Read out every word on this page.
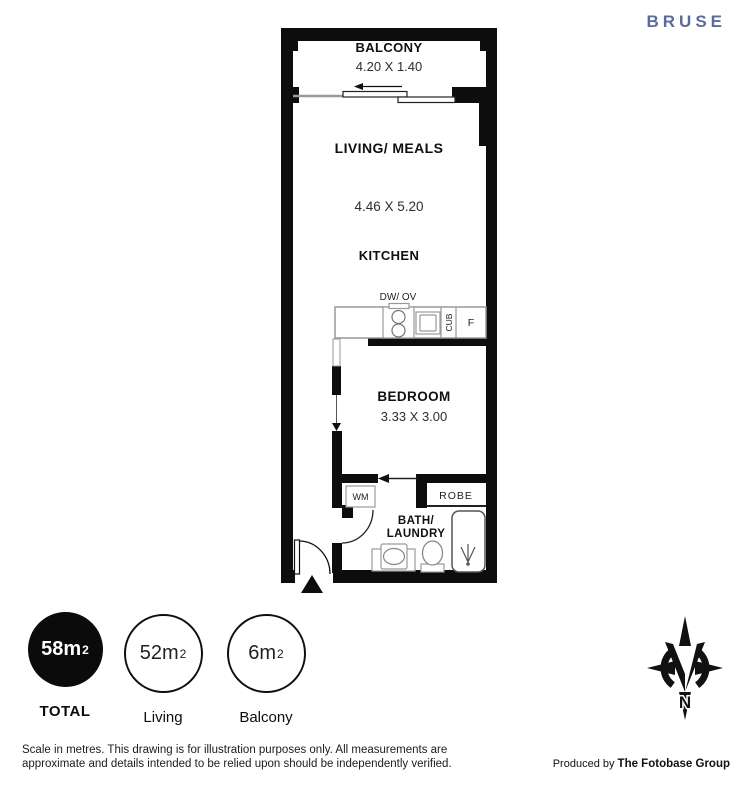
BRUSE
DW/ OV
CUB F
BALCONY
4.20 X 1.40
LIVING/ MEALS
4.46 X 5.20
KITCHEN
BEDROOM
3.33 X 3.00
BATH/
LAUNDRY
ROBE
WM
58m 2
TOTAL
52m 2
Living
6m 2
Balcony
N
Scale in metres. This drawing is for illustration purposes only. All measurements are
approximate and details intended to be relied upon should be independently verified.	Produced by The Fotobase Group
